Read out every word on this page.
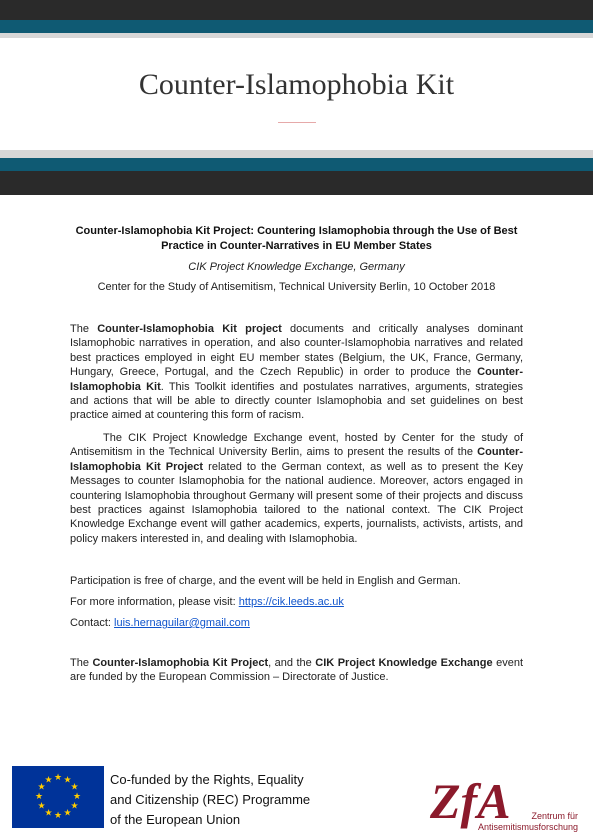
Counter-Islamophobia Kit
Counter-Islamophobia Kit Project: Countering Islamophobia through the Use of Best Practice in Counter-Narratives in EU Member States
CIK Project Knowledge Exchange, Germany
Center for the Study of Antisemitism, Technical University Berlin, 10 October 2018
The Counter-Islamophobia Kit project documents and critically analyses dominant Islamophobic narratives in operation, and also counter-Islamophobia narratives and related best practices employed in eight EU member states (Belgium, the UK, France, Germany, Hungary, Greece, Portugal, and the Czech Republic) in order to produce the Counter-Islamophobia Kit. This Toolkit identifies and postulates narratives, arguments, strategies and actions that will be able to directly counter Islamophobia and set guidelines on best practice aimed at countering this form of racism.
The CIK Project Knowledge Exchange event, hosted by Center for the study of Antisemitism in the Technical University Berlin, aims to present the results of the Counter-Islamophobia Kit Project related to the German context, as well as to present the Key Messages to counter Islamophobia for the national audience. Moreover, actors engaged in countering Islamophobia throughout Germany will present some of their projects and discuss best practices against Islamophobia tailored to the national context. The CIK Project Knowledge Exchange event will gather academics, experts, journalists, activists, artists, and policy makers interested in, and dealing with Islamophobia.
Participation is free of charge, and the event will be held in English and German.
For more information, please visit: https://cik.leeds.ac.uk
Contact: luis.hernaguilar@gmail.com
The Counter-Islamophobia Kit Project, and the CIK Project Knowledge Exchange event are funded by the European Commission – Directorate of Justice.
★ ★
★
★
★
★
★
★
★
★
★
★	Co-funded by the Rights, Equality
and Citizenship (REC) Programme
of the European Union	ZfA Zentrum für
Antisemitismusforschung
